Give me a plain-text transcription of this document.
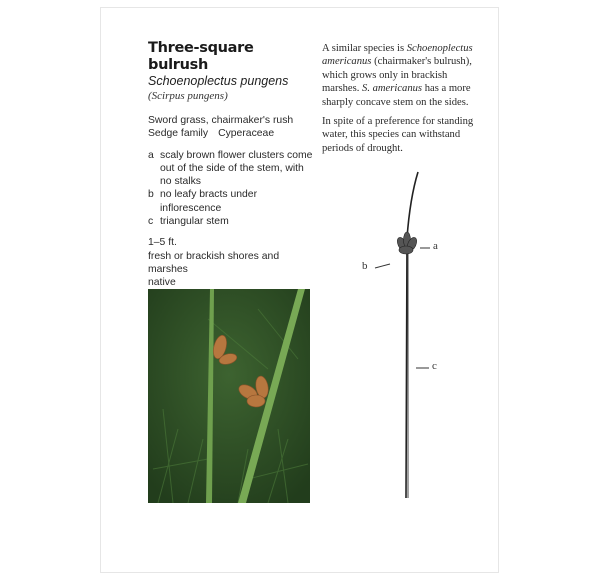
Three-square bulrush
Schoenoplectus pungens
(Scirpus pungens)
Sword grass, chairmaker's rush
Sedge family Cyperaceae
a scaly brown flower clusters come out of the side of the stem, with no stalks
b no leafy bracts under inflorescence
c triangular stem
1–5 ft.
fresh or brackish shores and marshes
native

A similar species is Schoenoplectus americanus (chairmaker's bulrush), which grows only in brackish marshes. S. americanus has a more sharply concave stem on the sides.

In spite of a preference for standing water, this species can withstand periods of drought.

a
b
c
